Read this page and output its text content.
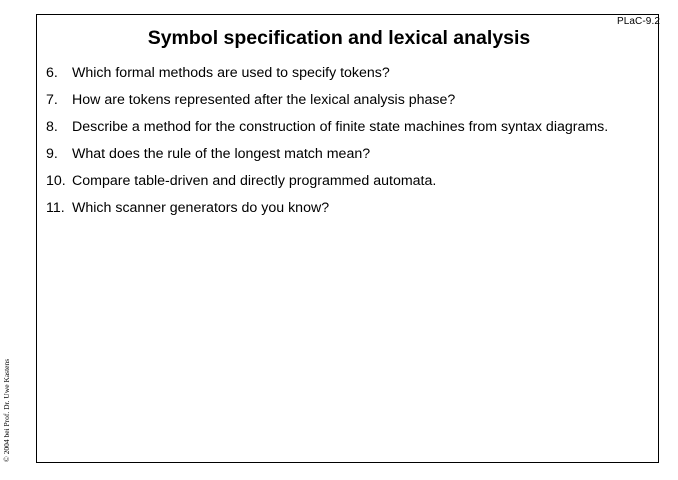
PLaC-9.2
Symbol specification and lexical analysis
6. Which formal methods are used to specify tokens?
7. How are tokens represented after the lexical analysis phase?
8. Describe a method for the construction of finite state machines from syntax diagrams.
9. What does the rule of the longest match mean?
10. Compare table-driven and directly programmed automata.
11. Which scanner generators do you know?
© 2004 bei Prof. Dr. Uwe Kastens
